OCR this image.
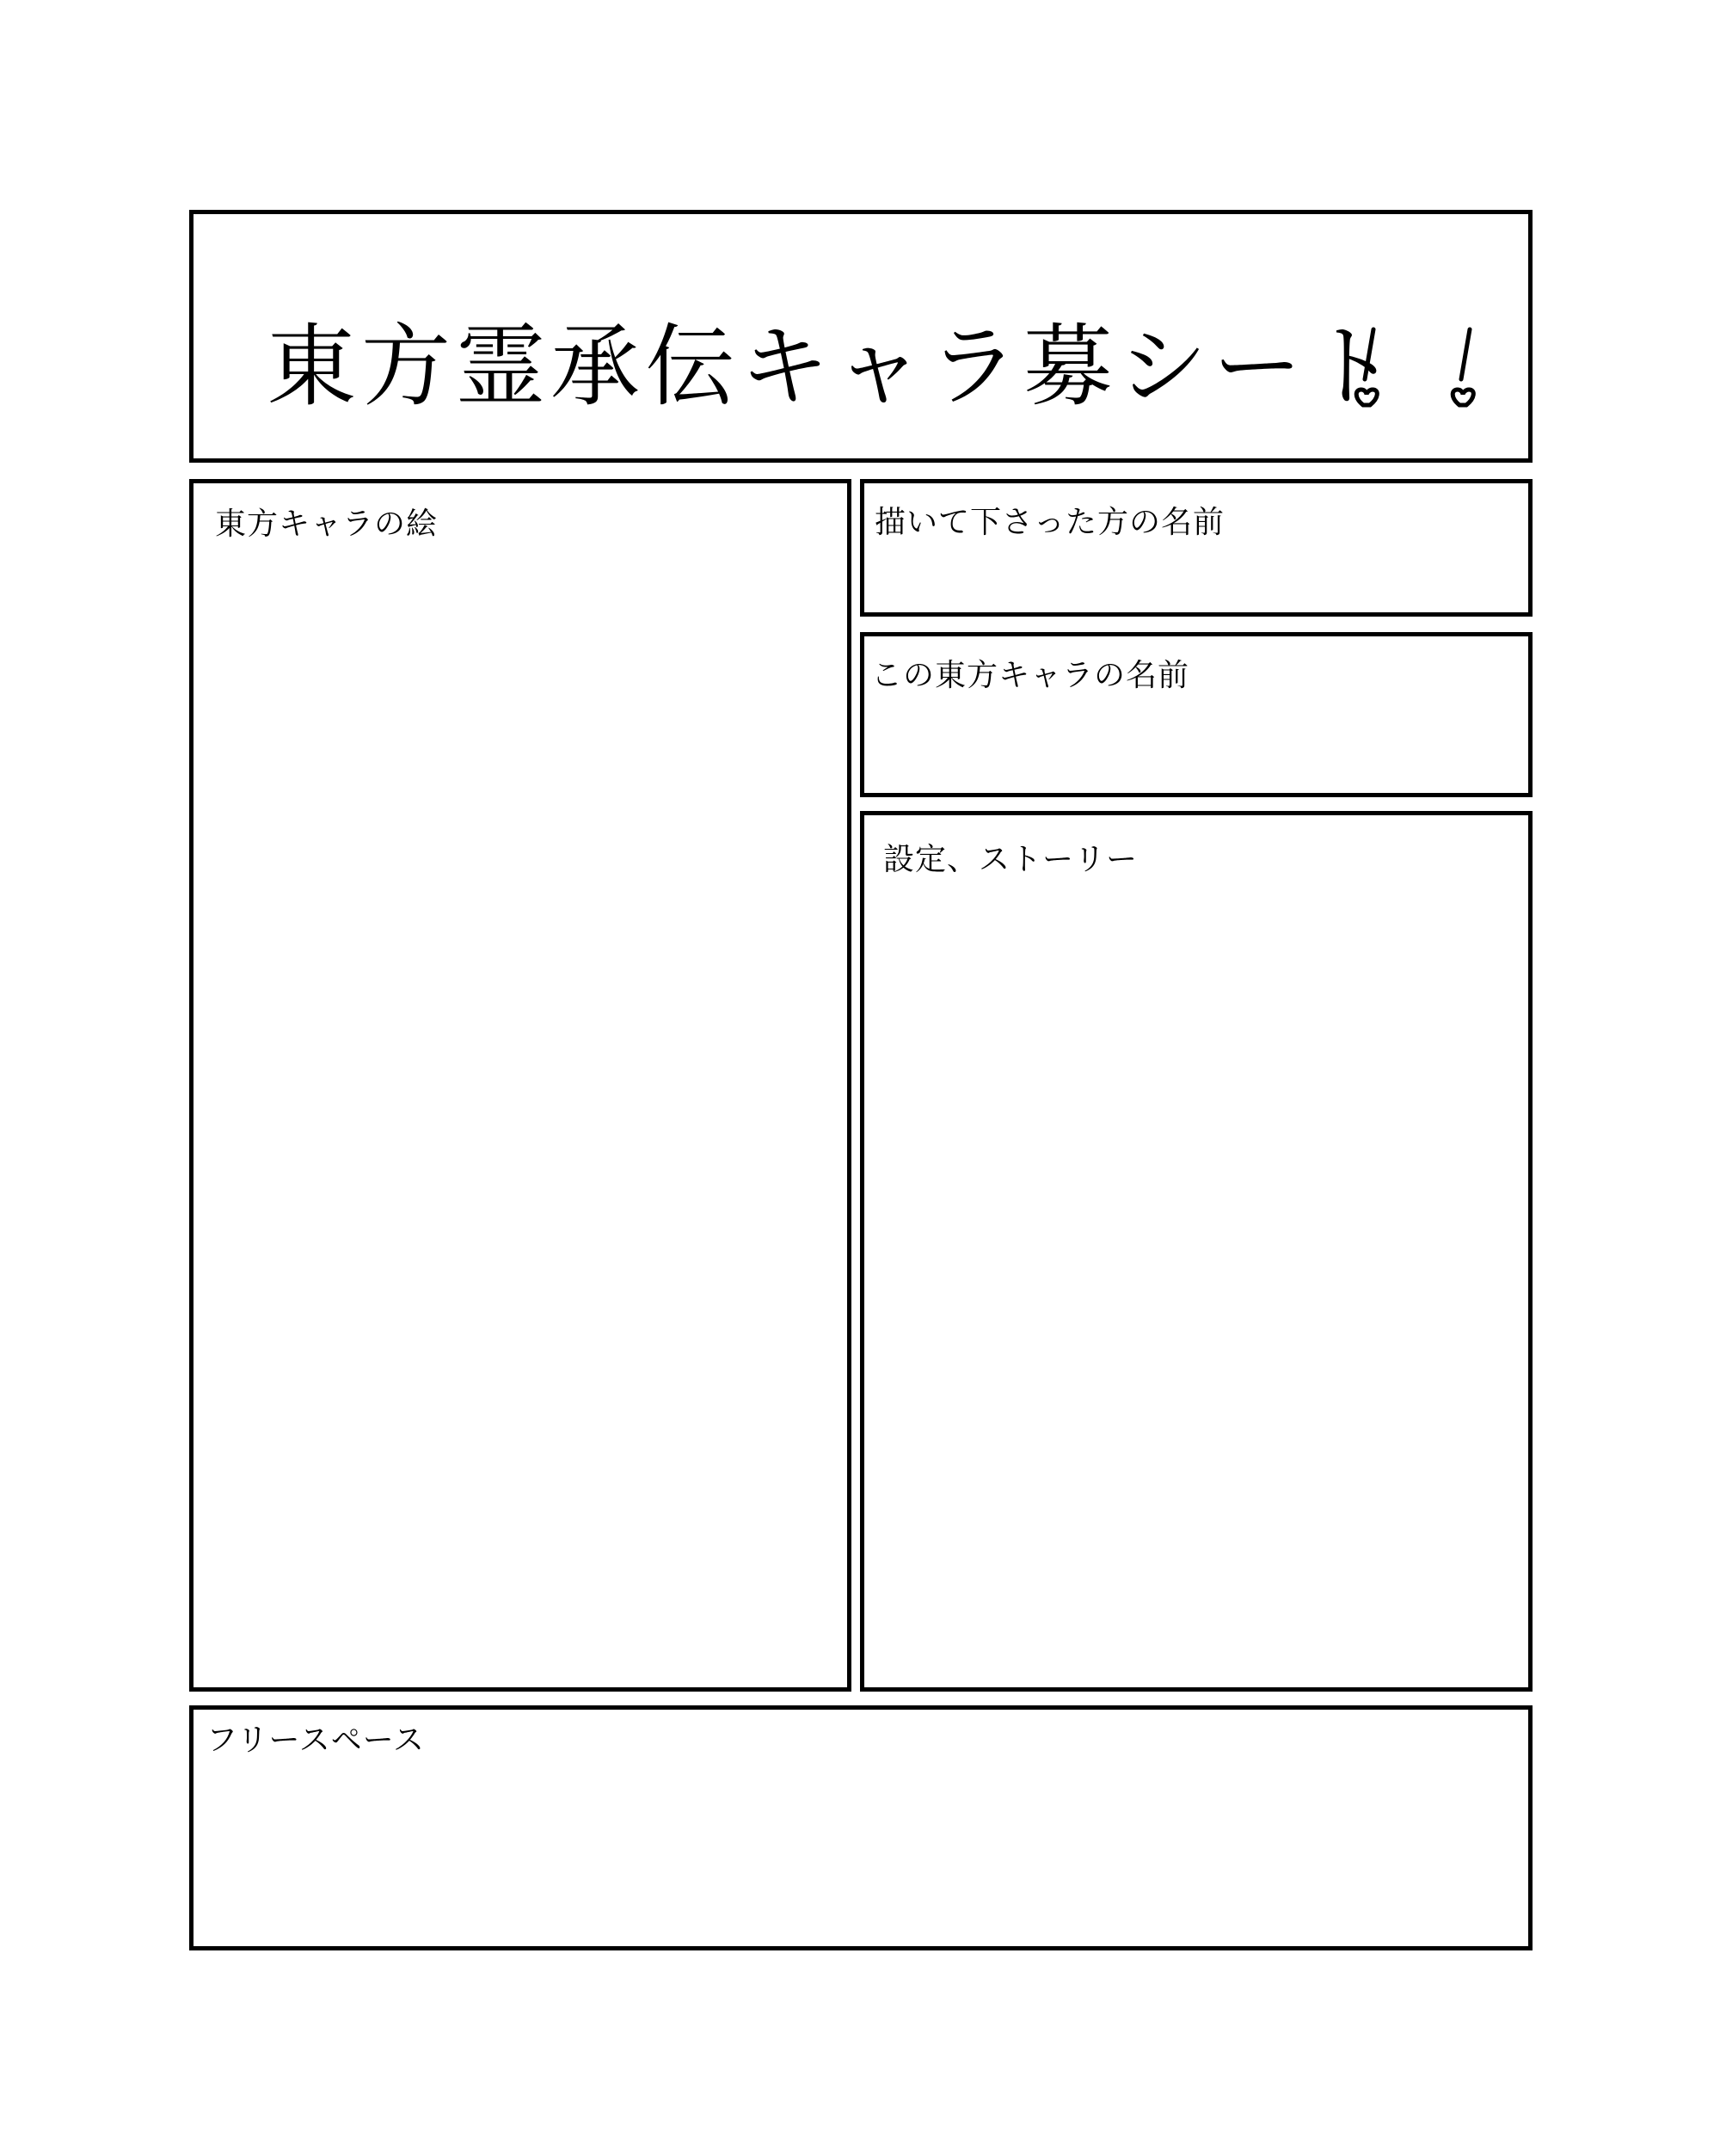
東方霊承伝キャラ募シート
東方キャラの絵	描いて下さった方の名前
この東方キャラの名前
設定、ストーリー
フリースペース
